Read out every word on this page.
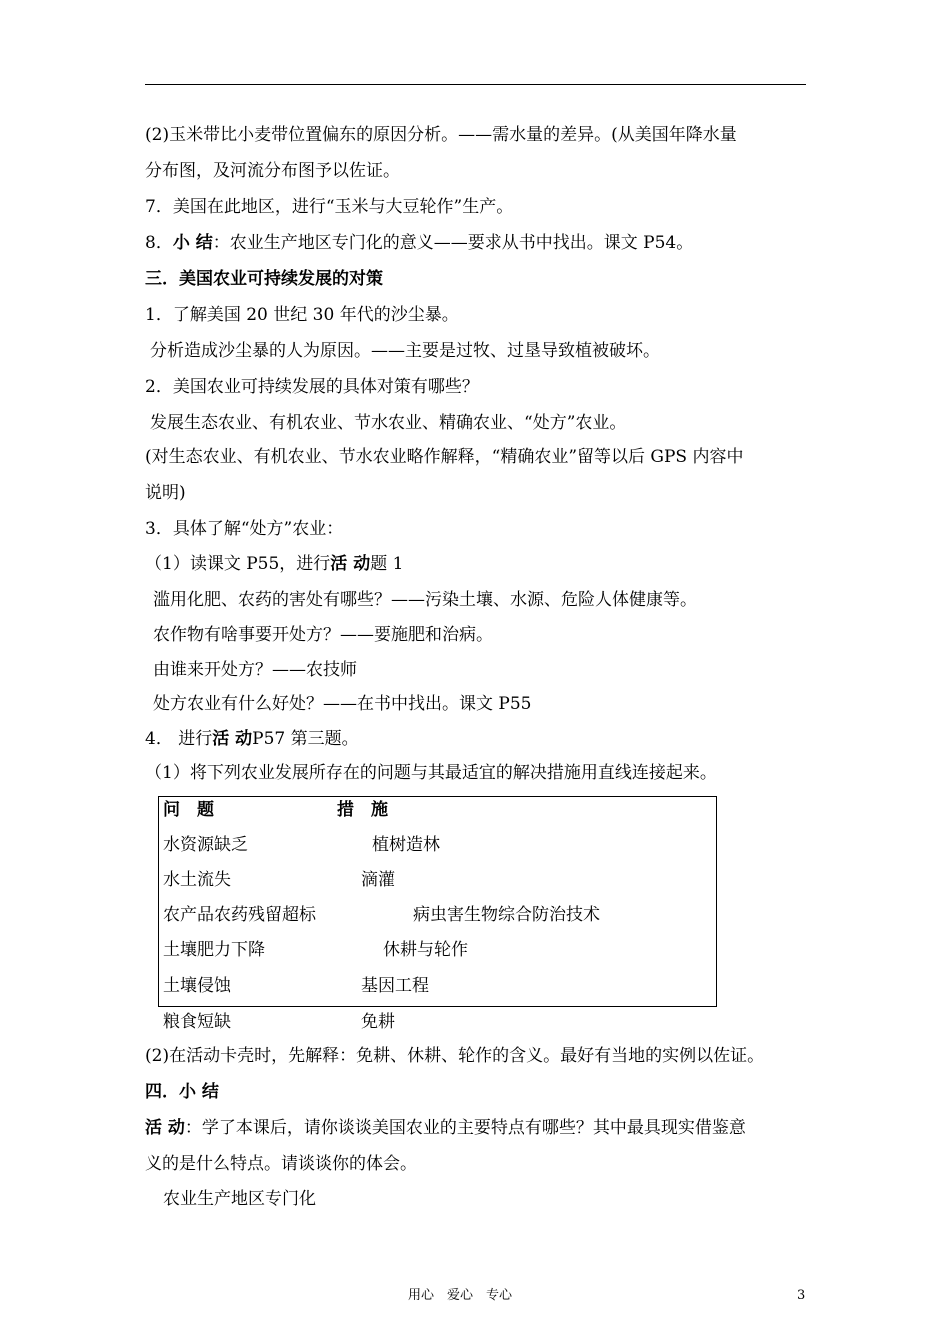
(2)玉米带比小麦带位置偏东的原因分析。——需水量的差异。(从美国年降水量
分布图，及河流分布图予以佐证。
7．美国在此地区，进行“玉米与大豆轮作”生产。
8．小 结：农业生产地区专门化的意义——要求从书中找出。课文 P54。
三．美国农业可持续发展的对策
1．了解美国 20 世纪 30 年代的沙尘暴。
分析造成沙尘暴的人为原因。——主要是过牧、过垦导致植被破坏。
2．美国农业可持续发展的具体对策有哪些？
发展生态农业、有机农业、节水农业、精确农业、“处方”农业。
(对生态农业、有机农业、节水农业略作解释，“精确农业”留等以后 GPS 内容中
说明)
3．具体了解“处方”农业：
（1）读课文 P55，进行活 动题 1
滥用化肥、农药的害处有哪些？——污染土壤、水源、危险人体健康等。
农作物有啥事要开处方？——要施肥和治病。
由谁来开处方？——农技师
处方农业有什么好处？——在书中找出。课文 P55
4． 进行活 动P57 第三题。
（1）将下列农业发展所存在的问题与其最适宜的解决措施用直线连接起来。
问　题	措　施
水资源缺乏	植树造林
水土流失	滴灌
农产品农药残留超标	病虫害生物综合防治技术
土壤肥力下降	休耕与轮作
土壤侵蚀	基因工程
粮食短缺	免耕
(2)在活动卡壳时，先解释：免耕、休耕、轮作的含义。最好有当地的实例以佐证。
四．小 结
活 动：学了本课后，请你谈谈美国农业的主要特点有哪些？其中最具现实借鉴意
义的是什么特点。请谈谈你的体会。
农业生产地区专门化
用心　爱心　专心	3
